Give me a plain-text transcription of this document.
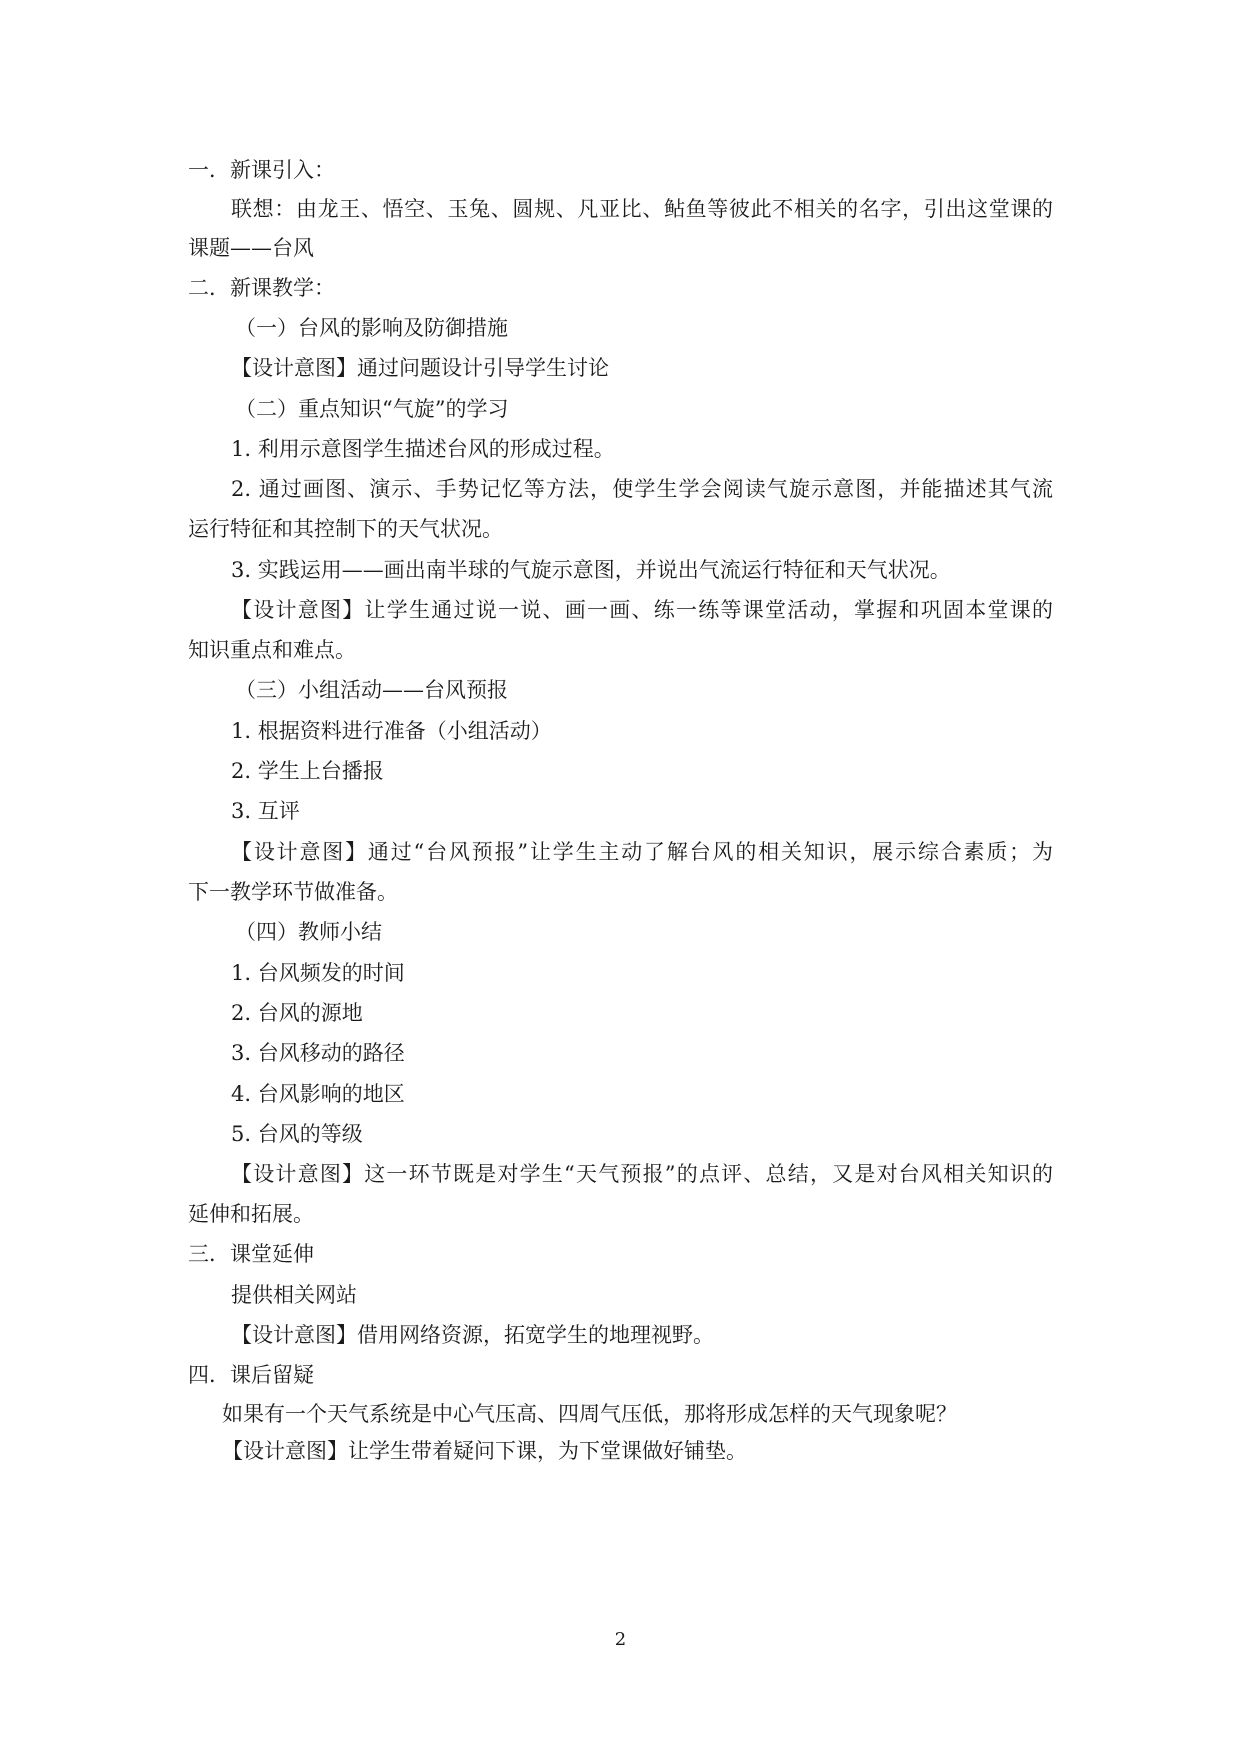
一．新课引入：
联想：由龙王、悟空、玉兔、圆规、凡亚比、鲇鱼等彼此不相关的名字，引出这堂课的
课题——台风
二．新课教学：
（一）台风的影响及防御措施
【设计意图】通过问题设计引导学生讨论
（二）重点知识“气旋”的学习
1. 利用示意图学生描述台风的形成过程。
2. 通过画图、演示、手势记忆等方法，使学生学会阅读气旋示意图，并能描述其气流
运行特征和其控制下的天气状况。
3. 实践运用——画出南半球的气旋示意图，并说出气流运行特征和天气状况。
【设计意图】让学生通过说一说、画一画、练一练等课堂活动，掌握和巩固本堂课的
知识重点和难点。
（三）小组活动——台风预报
1. 根据资料进行准备（小组活动）
2. 学生上台播报
3. 互评
【设计意图】通过“台风预报”让学生主动了解台风的相关知识，展示综合素质；为
下一教学环节做准备。
（四）教师小结
1. 台风频发的时间
2. 台风的源地
3. 台风移动的路径
4. 台风影响的地区
5. 台风的等级
【设计意图】这一环节既是对学生“天气预报”的点评、总结，又是对台风相关知识的
延伸和拓展。
三．课堂延伸
提供相关网站
【设计意图】借用网络资源，拓宽学生的地理视野。
四．课后留疑
如果有一个天气系统是中心气压高、四周气压低，那将形成怎样的天气现象呢？
【设计意图】让学生带着疑问下课，为下堂课做好铺垫。
2
